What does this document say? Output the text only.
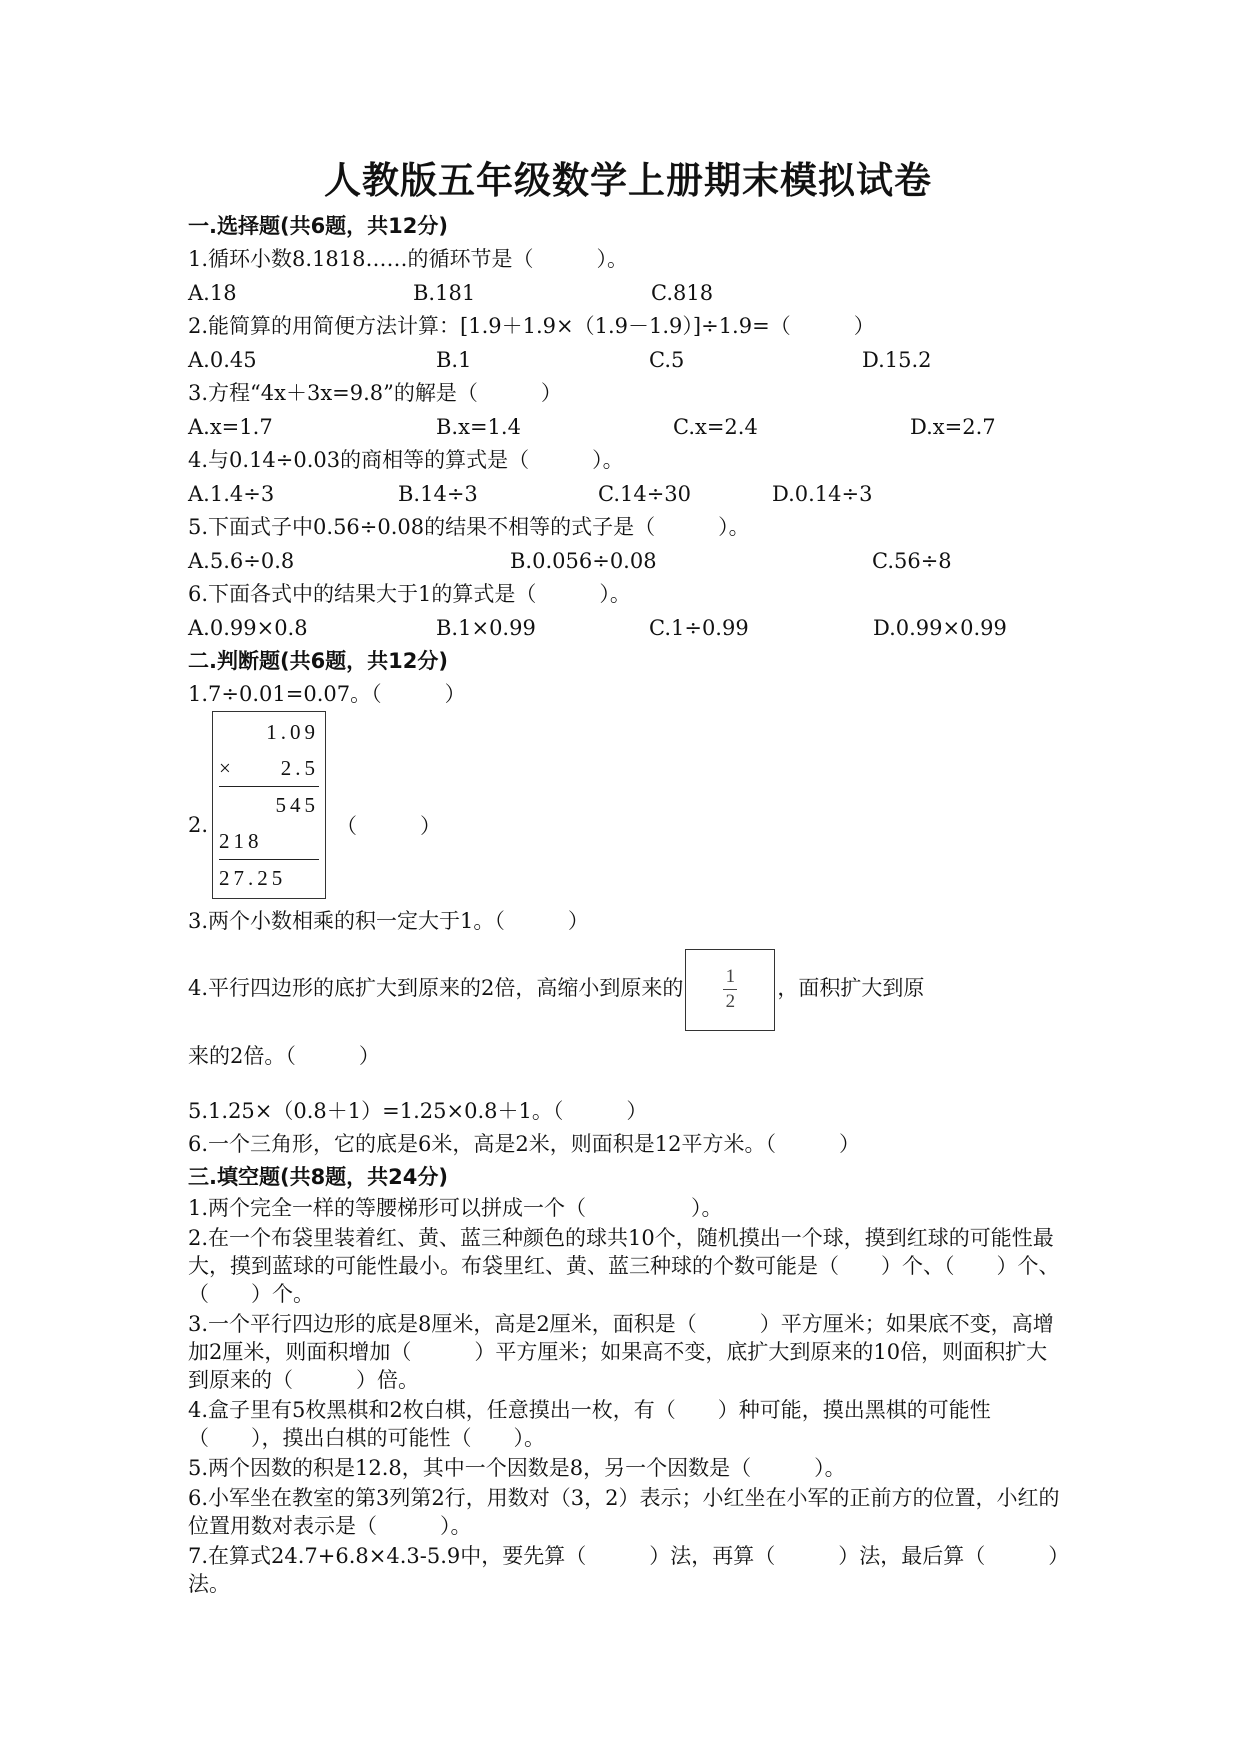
人教版五年级数学上册期末模拟试卷
一.选择题(共6题，共12分)
1.循环小数8.1818……的循环节是（　　　）。
A.18	B.181	C.818
2.能简算的用简便方法计算：[1.9＋1.9×（1.9－1.9）]÷1.9=（　　　）
A.0.45	B.1	C.5	D.15.2
3.方程“4x＋3x=9.8”的解是（　　　）
A.x=1.7	B.x=1.4	C.x=2.4	D.x=2.7
4.与0.14÷0.03的商相等的算式是（　　　）。
A.1.4÷3	B.14÷3	C.14÷30	D.0.14÷3
5.下面式子中0.56÷0.08的结果不相等的式子是（　　　）。
A.5.6÷0.8	B.0.056÷0.08	C.56÷8
6.下面各式中的结果大于1的算式是（　　　）。
A.0.99×0.8	B.1×0.99	C.1÷0.99	D.0.99×0.99
二.判断题(共6题，共12分)
1.7÷0.01=0.07。（　　　）
2.
1.09
× 2.5
545
218
27.25
（　　　）
3.两个小数相乘的积一定大于1。（　　　）
4.平行四边形的底扩大到原来的2倍，高缩小到原来的 $\frac{1}{2}$ ，面积扩大到原
来的2倍。（　　　）
5.1.25×（0.8＋1）=1.25×0.8＋1。（　　　）
6.一个三角形，它的底是6米，高是2米，则面积是12平方米。（　　　）
三.填空题(共8题，共24分)
1.两个完全一样的等腰梯形可以拼成一个（　　　　　）。
2.在一个布袋里装着红、黄、蓝三种颜色的球共10个，随机摸出一个球，摸到红球的可能性最大，摸到蓝球的可能性最小。布袋里红、黄、蓝三种球的个数可能是（　　）个、（　　）个、（　　）个。
3.一个平行四边形的底是8厘米，高是2厘米，面积是（　　　）平方厘米；如果底不变，高增加2厘米，则面积增加（　　　）平方厘米；如果高不变，底扩大到原来的10倍，则面积扩大到原来的（　　　）倍。
4.盒子里有5枚黑棋和2枚白棋，任意摸出一枚，有（　　）种可能，摸出黑棋的可能性（　　），摸出白棋的可能性（　　）。
5.两个因数的积是12.8，其中一个因数是8，另一个因数是（　　　）。
6.小军坐在教室的第3列第2行，用数对（3，2）表示；小红坐在小军的正前方的位置，小红的位置用数对表示是（　　　）。
7.在算式24.7+6.8×4.3-5.9中，要先算（　　　）法，再算（　　　）法，最后算（　　　）法。
